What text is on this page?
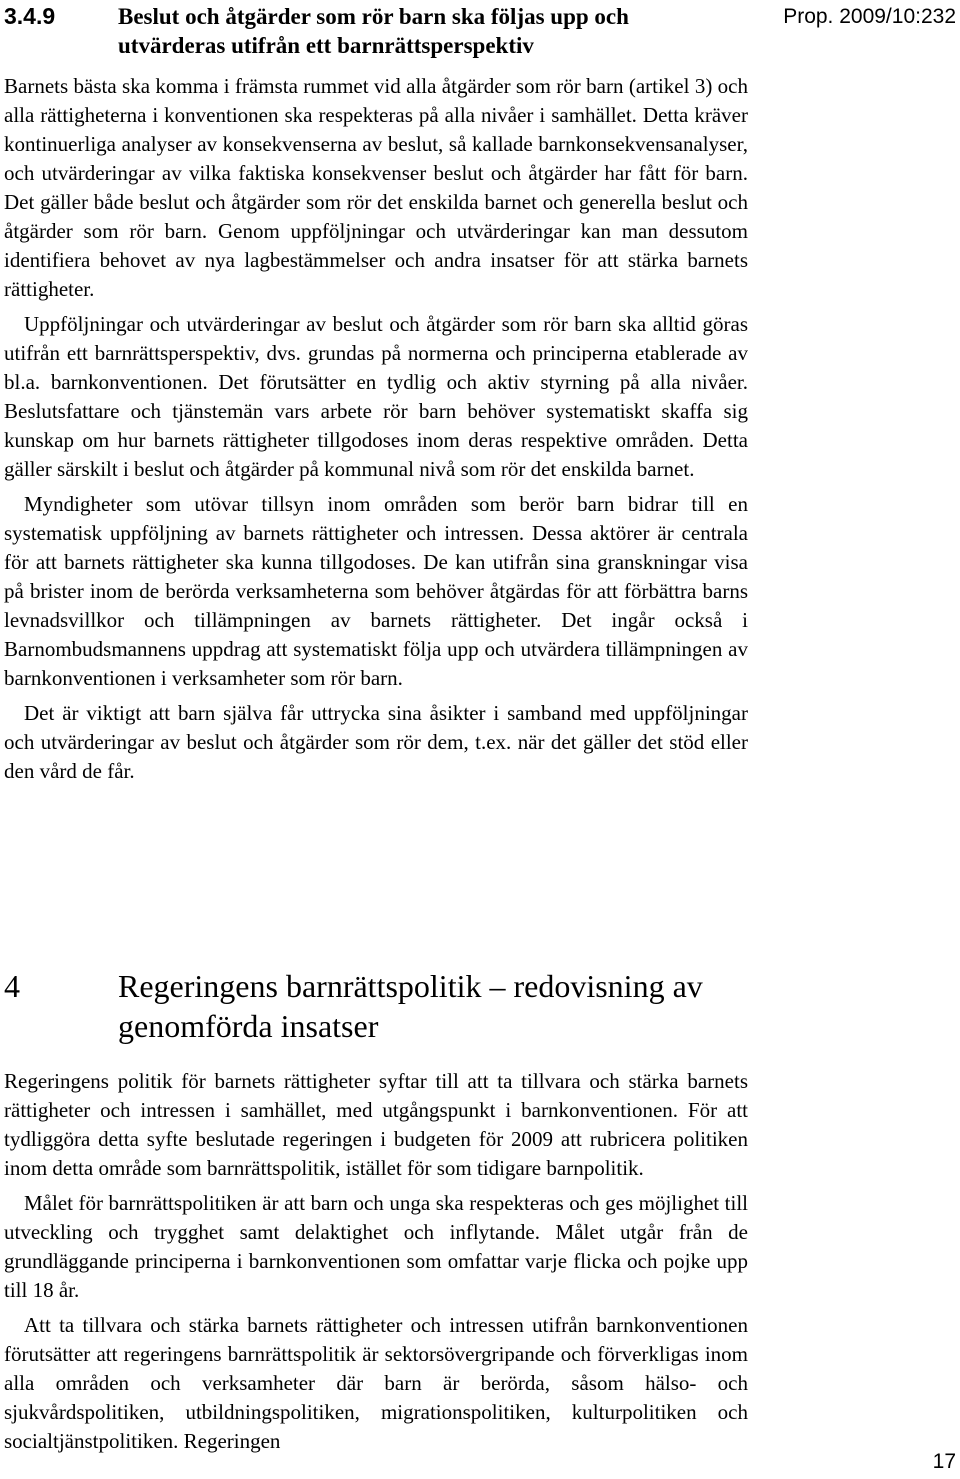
3.4.9	Beslut och åtgärder som rör barn ska följas upp och utvärderas utifrån ett barnrättsperspektiv
Prop. 2009/10:232

Barnets bästa ska komma i främsta rummet vid alla åtgärder som rör barn (artikel 3) och alla rättigheterna i konventionen ska respekteras på alla nivåer i samhället. Detta kräver kontinuerliga analyser av konsekvenserna av beslut, så kallade barnkonsekvensanalyser, och utvärderingar av vilka faktiska konsekvenser beslut och åtgärder har fått för barn. Det gäller både beslut och åtgärder som rör det enskilda barnet och generella beslut och åtgärder som rör barn. Genom uppföljningar och utvärderingar kan man dessutom identifiera behovet av nya lagbestämmelser och andra insatser för att stärka barnets rättigheter.

Uppföljningar och utvärderingar av beslut och åtgärder som rör barn ska alltid göras utifrån ett barnrättsperspektiv, dvs. grundas på normerna och principerna etablerade av bl.a. barnkonventionen. Det förutsätter en tydlig och aktiv styrning på alla nivåer. Beslutsfattare och tjänstemän vars arbete rör barn behöver systematiskt skaffa sig kunskap om hur barnets rättigheter tillgodoses inom deras respektive områden. Detta gäller särskilt i beslut och åtgärder på kommunal nivå som rör det enskilda barnet.

Myndigheter som utövar tillsyn inom områden som berör barn bidrar till en systematisk uppföljning av barnets rättigheter och intressen. Dessa aktörer är centrala för att barnets rättigheter ska kunna tillgodoses. De kan utifrån sina granskningar visa på brister inom de berörda verksamheterna som behöver åtgärdas för att förbättra barns levnadsvillkor och tillämpningen av barnets rättigheter. Det ingår också i Barnombudsmannens uppdrag att systematiskt följa upp och utvärdera tillämpningen av barnkonventionen i verksamheter som rör barn.

Det är viktigt att barn själva får uttrycka sina åsikter i samband med uppföljningar och utvärderingar av beslut och åtgärder som rör dem, t.ex. när det gäller det stöd eller den vård de får.

4	Regeringens barnrättspolitik – redovisning av genomförda insatser

Regeringens politik för barnets rättigheter syftar till att ta tillvara och stärka barnets rättigheter och intressen i samhället, med utgångspunkt i barnkonventionen. För att tydliggöra detta syfte beslutade regeringen i budgeten för 2009 att rubricera politiken inom detta område som barnrättspolitik, istället för som tidigare barnpolitik.

Målet för barnrättspolitiken är att barn och unga ska respekteras och ges möjlighet till utveckling och trygghet samt delaktighet och inflytande. Målet utgår från de grundläggande principerna i barnkonventionen som omfattar varje flicka och pojke upp till 18 år.

Att ta tillvara och stärka barnets rättigheter och intressen utifrån barnkonventionen förutsätter att regeringens barnrättspolitik är sektorsövergripande och förverkligas inom alla områden och verksamheter där barn är berörda, såsom hälso- och sjukvårdspolitiken, utbildningspolitiken, migrationspolitiken, kulturpolitiken och socialtjänstpolitiken. Regeringen

17
